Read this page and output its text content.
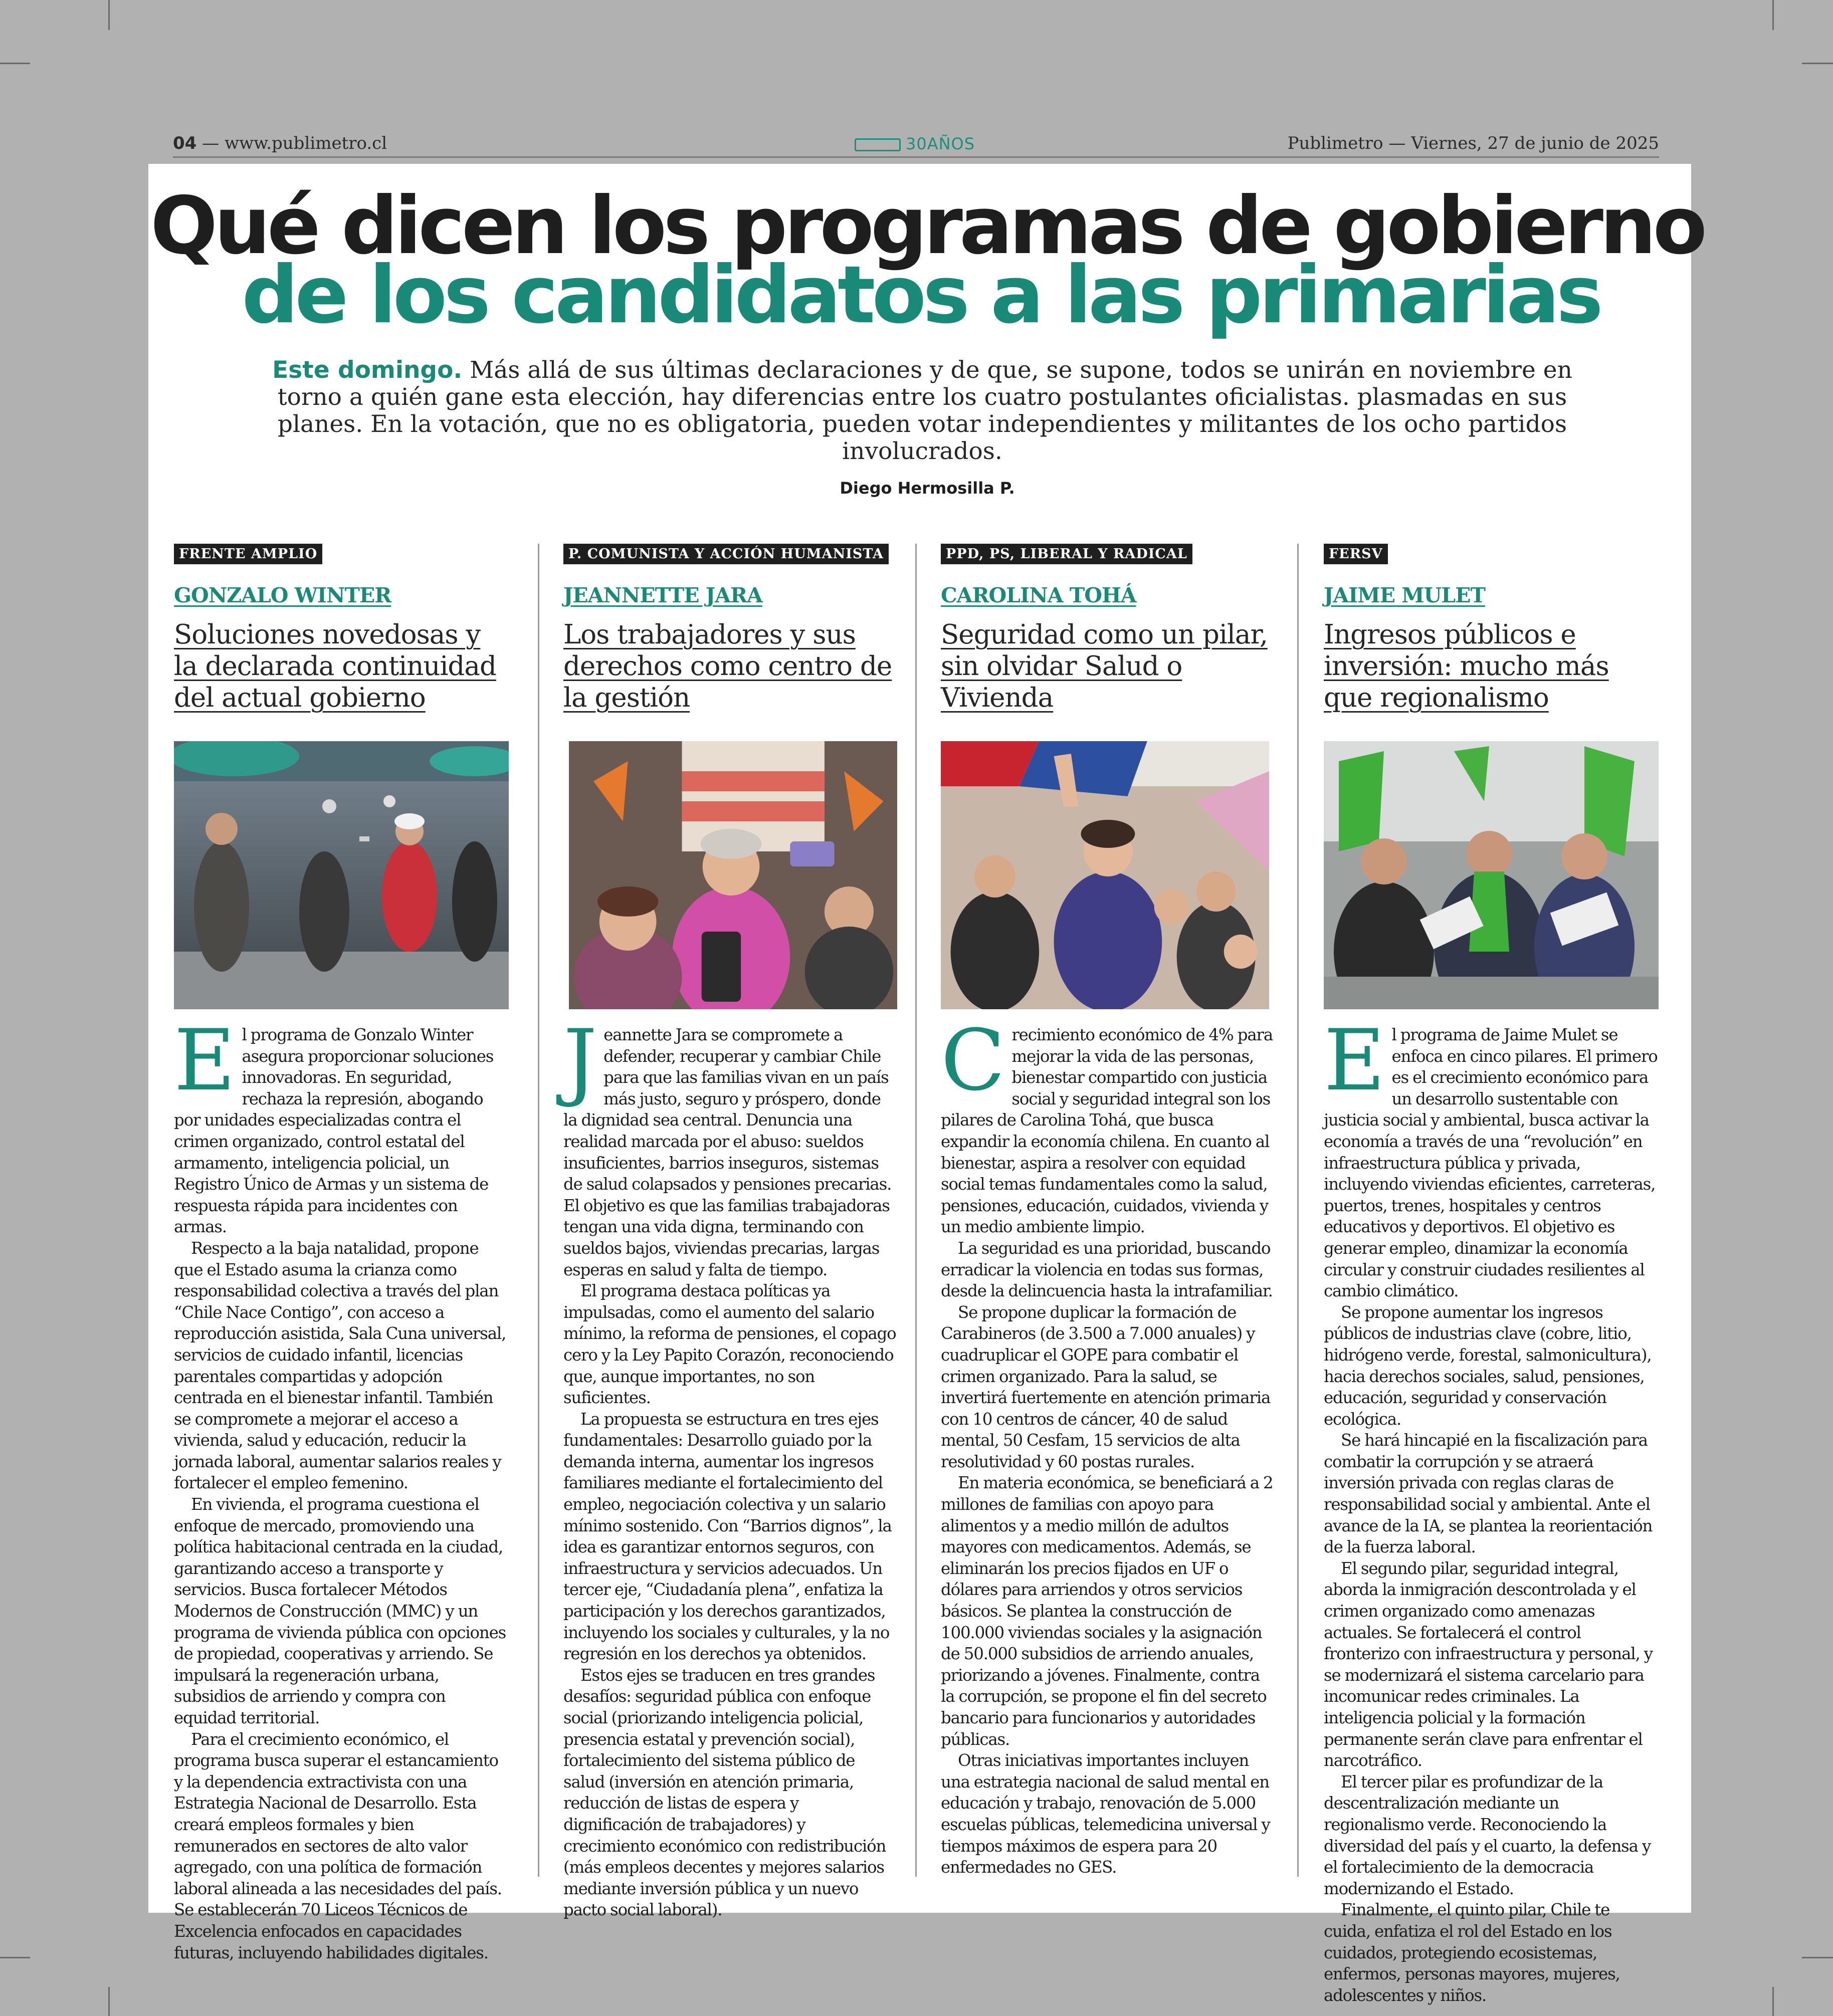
04 — www.publimetro.cl	30AÑOS	Publimetro — Viernes, 27 de junio de 2025
Qué dicen los programas de gobierno
de los candidatos a las primarias
Este domingo. Más allá de sus últimas declaraciones y de que, se supone, todos se unirán en noviembre en torno a quién gane esta elección, hay diferencias entre los cuatro postulantes oficialistas. plasmadas en sus planes. En la votación, que no es obligatoria, pueden votar independientes y militantes de los ocho partidos involucrados.
Diego Hermosilla P.
FRENTE AMPLIO
GONZALO WINTER
Soluciones novedosas y la declarada continuidad del actual gobierno

El programa de Gonzalo Winter asegura proporcionar soluciones innovadoras. En seguridad, rechaza la represión, abogando por unidades especializadas contra el crimen organizado, control estatal del armamento, inteligencia policial, un Registro Único de Armas y un sistema de respuesta rápida para incidentes con armas.

Respecto a la baja natalidad, propone que el Estado asuma la crianza como responsabilidad colectiva a través del plan “Chile Nace Contigo”, con acceso a reproducción asistida, Sala Cuna universal, servicios de cuidado infantil, licencias parentales compartidas y adopción centrada en el bienestar infantil. También se compromete a mejorar el acceso a vivienda, salud y educación, reducir la jornada laboral, aumentar salarios reales y fortalecer el empleo femenino.

En vivienda, el programa cuestiona el enfoque de mercado, promoviendo una política habitacional centrada en la ciudad, garantizando acceso a transporte y servicios. Busca fortalecer Métodos Modernos de Construcción (MMC) y un programa de vivienda pública con opciones de propiedad, cooperativas y arriendo. Se impulsará la regeneración urbana, subsidios de arriendo y compra con equidad territorial.

Para el crecimiento económico, el programa busca superar el estancamiento y la dependencia extractivista con una Estrategia Nacional de Desarrollo. Esta creará empleos formales y bien remunerados en sectores de alto valor agregado, con una política de formación laboral alineada a las necesidades del país. Se establecerán 70 Liceos Técnicos de Excelencia enfocados en capacidades futuras, incluyendo habilidades digitales.

P. COMUNISTA Y ACCIÓN HUMANISTA
JEANNETTE JARA
Los trabajadores y sus derechos como centro de la gestión

Jeannette Jara se compromete a defender, recuperar y cambiar Chile para que las familias vivan en un país más justo, seguro y próspero, donde la dignidad sea central. Denuncia una realidad marcada por el abuso: sueldos insuficientes, barrios inseguros, sistemas de salud colapsados y pensiones precarias. El objetivo es que las familias trabajadoras tengan una vida digna, terminando con sueldos bajos, viviendas precarias, largas esperas en salud y falta de tiempo.

El programa destaca políticas ya impulsadas, como el aumento del salario mínimo, la reforma de pensiones, el copago cero y la Ley Papito Corazón, reconociendo que, aunque importantes, no son suficientes.

La propuesta se estructura en tres ejes fundamentales: Desarrollo guiado por la demanda interna, aumentar los ingresos familiares mediante el fortalecimiento del empleo, negociación colectiva y un salario mínimo sostenido. Con “Barrios dignos”, la idea es garantizar entornos seguros, con infraestructura y servicios adecuados. Un tercer eje, “Ciudadanía plena”, enfatiza la participación y los derechos garantizados, incluyendo los sociales y culturales, y la no regresión en los derechos ya obtenidos.

Estos ejes se traducen en tres grandes desafíos: seguridad pública con enfoque social (priorizando inteligencia policial, presencia estatal y prevención social), fortalecimiento del sistema público de salud (inversión en atención primaria, reducción de listas de espera y dignificación de trabajadores) y crecimiento económico con redistribución (más empleos decentes y mejores salarios mediante inversión pública y un nuevo pacto social laboral).

PPD, PS, LIBERAL Y RADICAL
CAROLINA TOHÁ
Seguridad como un pilar, sin olvidar Salud o Vivienda

Crecimiento económico de 4% para mejorar la vida de las personas, bienestar compartido con justicia social y seguridad integral son los pilares de Carolina Tohá, que busca expandir la economía chilena. En cuanto al bienestar, aspira a resolver con equidad social temas fundamentales como la salud, pensiones, educación, cuidados, vivienda y un medio ambiente limpio.

La seguridad es una prioridad, buscando erradicar la violencia en todas sus formas, desde la delincuencia hasta la intrafamiliar.

Se propone duplicar la formación de Carabineros (de 3.500 a 7.000 anuales) y cuadruplicar el GOPE para combatir el crimen organizado. Para la salud, se invertirá fuertemente en atención primaria con 10 centros de cáncer, 40 de salud mental, 50 Cesfam, 15 servicios de alta resolutividad y 60 postas rurales.

En materia económica, se beneficiará a 2 millones de familias con apoyo para alimentos y a medio millón de adultos mayores con medicamentos. Además, se eliminarán los precios fijados en UF o dólares para arriendos y otros servicios básicos. Se plantea la construcción de 100.000 viviendas sociales y la asignación de 50.000 subsidios de arriendo anuales, priorizando a jóvenes. Finalmente, contra la corrupción, se propone el fin del secreto bancario para funcionarios y autoridades públicas.

Otras iniciativas importantes incluyen una estrategia nacional de salud mental en educación y trabajo, renovación de 5.000 escuelas públicas, telemedicina universal y tiempos máximos de espera para 20 enfermedades no GES.

FERSV
JAIME MULET
Ingresos públicos e inversión: mucho más que regionalismo

El programa de Jaime Mulet se enfoca en cinco pilares. El primero es el crecimiento económico para un desarrollo sustentable con justicia social y ambiental, busca activar la economía a través de una “revolución” en infraestructura pública y privada, incluyendo viviendas eficientes, carreteras, puertos, trenes, hospitales y centros educativos y deportivos. El objetivo es generar empleo, dinamizar la economía circular y construir ciudades resilientes al cambio climático.

Se propone aumentar los ingresos públicos de industrias clave (cobre, litio, hidrógeno verde, forestal, salmonicultura), hacia derechos sociales, salud, pensiones, educación, seguridad y conservación ecológica.

Se hará hincapié en la fiscalización para combatir la corrupción y se atraerá inversión privada con reglas claras de responsabilidad social y ambiental. Ante el avance de la IA, se plantea la reorientación de la fuerza laboral.

El segundo pilar, seguridad integral, aborda la inmigración descontrolada y el crimen organizado como amenazas actuales. Se fortalecerá el control fronterizo con infraestructura y personal, y se modernizará el sistema carcelario para incomunicar redes criminales. La inteligencia policial y la formación permanente serán clave para enfrentar el narcotráfico.

El tercer pilar es profundizar de la descentralización mediante un regionalismo verde. Reconociendo la diversidad del país y el cuarto, la defensa y el fortalecimiento de la democracia modernizando el Estado.

Finalmente, el quinto pilar, Chile te cuida, enfatiza el rol del Estado en los cuidados, protegiendo ecosistemas, enfermos, personas mayores, mujeres, adolescentes y niños.
